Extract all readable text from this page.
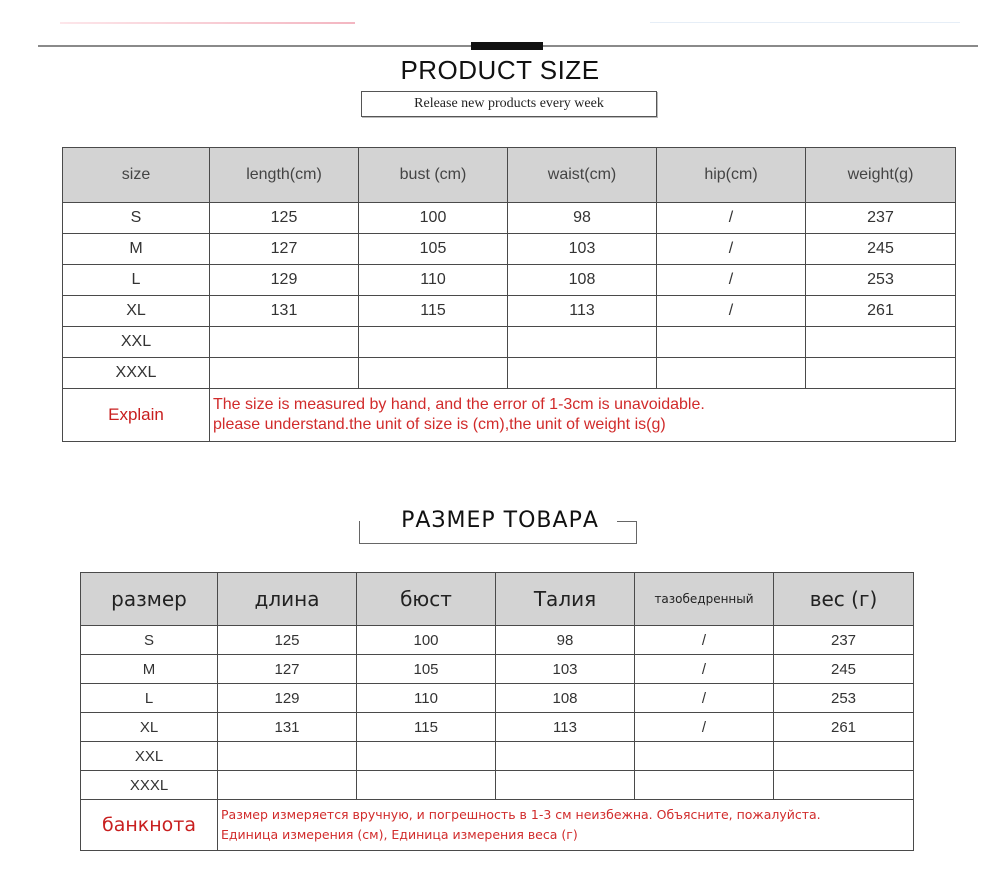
PRODUCT SIZE
Release new products every week
size	length(cm)	bust (cm)	waist(cm)	hip(cm)	weight(g)
S	125	100	98	/	237
M	127	105	103	/	245
L	129	110	108	/	253
XL	131	115	113	/	261
XXL					
XXXL					
Explain	The size is measured by hand, and the error of 1-3cm is unavoidable.
please understand.the unit of size is (cm),the unit of weight is(g)				
РАЗМЕР ТОВАРА
размер	длина	бюст	Талия	тазобедренный	вес (г)
S	125	100	98	/	237
M	127	105	103	/	245
L	129	110	108	/	253
XL	131	115	113	/	261
XXL					
XXXL					
банкнота	Размер измеряется вручную, и погрешность в 1-3 см неизбежна. Объясните, пожалуйста.
Единица измерения (см), Единица измерения веса (г)				
